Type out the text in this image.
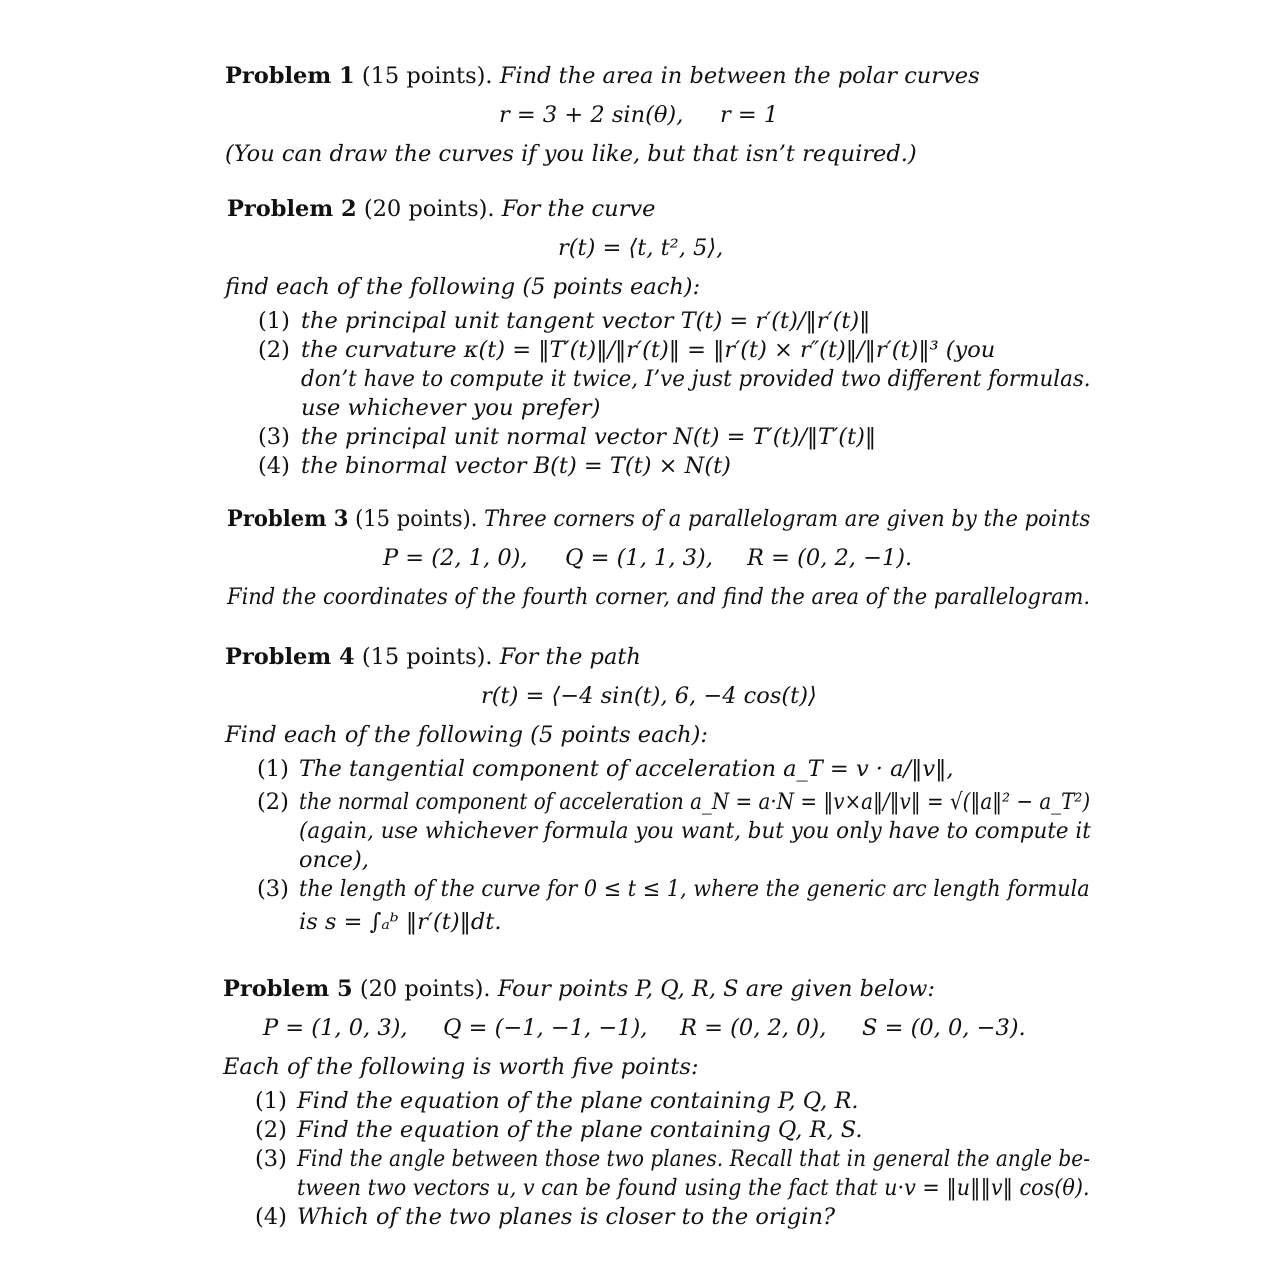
Problem 1 (15 points). Find the area in between the polar curves
r = 3 + 2 sin(θ), r = 1
(You can draw the curves if you like, but that isn’t required.)
Problem 2 (20 points). For the curve
r(t) = ⟨t, t², 5⟩,
find each of the following (5 points each):
(1) the principal unit tangent vector T(t) = r′(t)/‖r′(t)‖
(2) the curvature κ(t) = ‖T′(t)‖/‖r′(t)‖ = ‖r′(t) × r″(t)‖/‖r′(t)‖³ (you
don’t have to compute it twice, I’ve just provided two different formulas.
use whichever you prefer)
(3) the principal unit normal vector N(t) = T′(t)/‖T′(t)‖
(4) the binormal vector B(t) = T(t) × N(t)
Problem 3 (15 points). Three corners of a parallelogram are given by the points
P = (2, 1, 0), Q = (1, 1, 3), R = (0, 2, −1).
Find the coordinates of the fourth corner, and find the area of the parallelogram.
Problem 4 (15 points). For the path
r(t) = ⟨−4 sin(t), 6, −4 cos(t)⟩
Find each of the following (5 points each):
(1) The tangential component of acceleration a_T = v · a/‖v‖,
(2) the normal component of acceleration a_N = a·N = ‖v×a‖/‖v‖ = √(‖a‖² − a_T²)
(again, use whichever formula you want, but you only have to compute it
once),
(3) the length of the curve for 0 ≤ t ≤ 1, where the generic arc length formula
is s = ∫ₐᵇ ‖r′(t)‖dt.
Problem 5 (20 points). Four points P, Q, R, S are given below:
P = (1, 0, 3), Q = (−1, −1, −1), R = (0, 2, 0), S = (0, 0, −3).
Each of the following is worth five points:
(1) Find the equation of the plane containing P, Q, R.
(2) Find the equation of the plane containing Q, R, S.
(3) Find the angle between those two planes. Recall that in general the angle be-
tween two vectors u, v can be found using the fact that u·v = ‖u‖‖v‖ cos(θ).
(4) Which of the two planes is closer to the origin?
